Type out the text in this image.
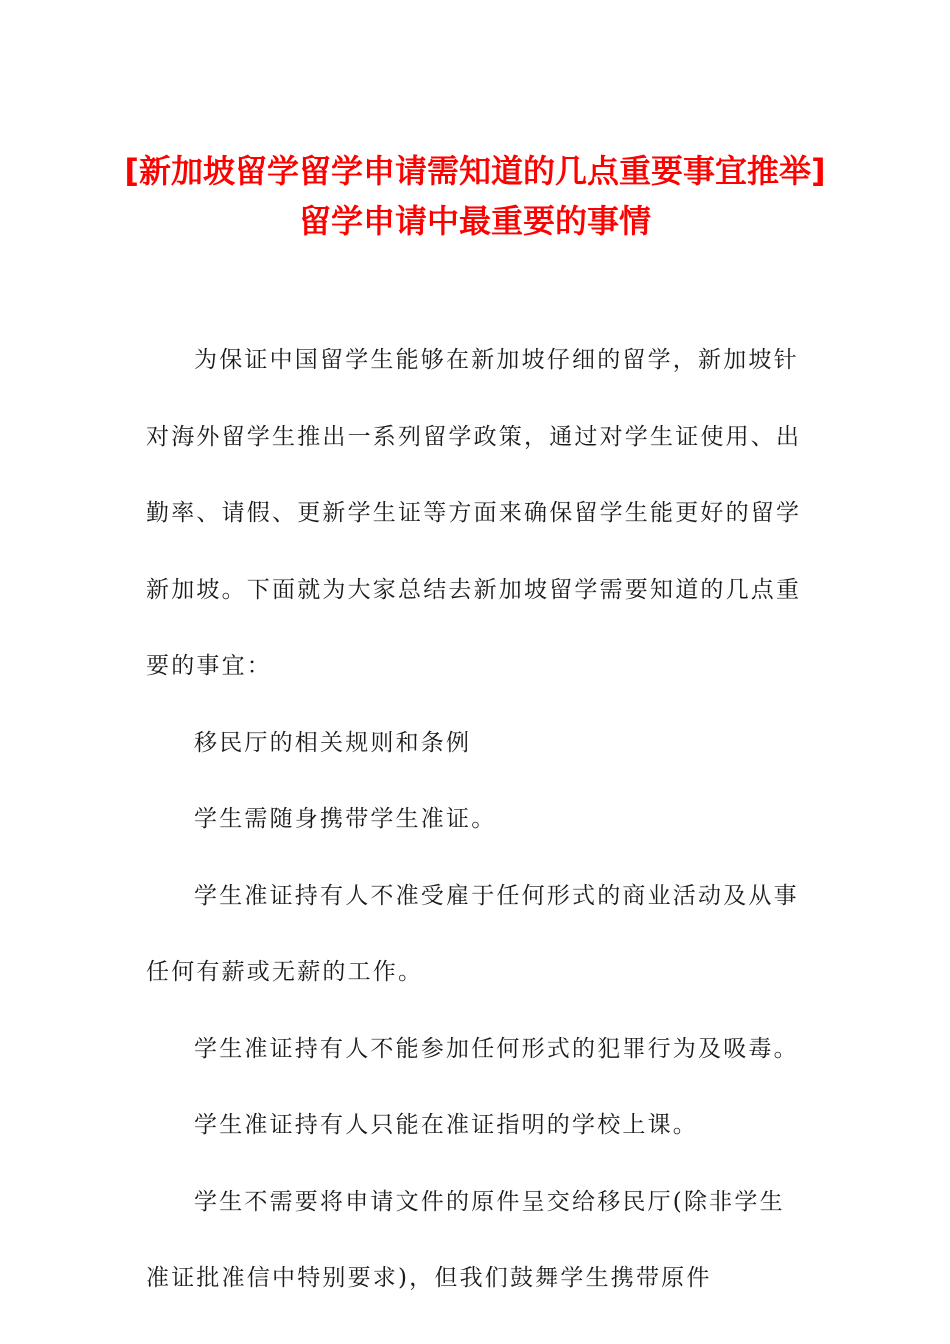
[新加坡留学留学申请需知道的几点重要事宜推举]留学申请中最重要的事情

为保证中国留学生能够在新加坡仔细的留学，新加坡针对海外留学生推出一系列留学政策，通过对学生证使用、出勤率、请假、更新学生证等方面来确保留学生能更好的留学新加坡。下面就为大家总结去新加坡留学需要知道的几点重要的事宜：

移民厅的相关规则和条例

学生需随身携带学生准证。

学生准证持有人不准受雇于任何形式的商业活动及从事任何有薪或无薪的工作。

学生准证持有人不能参加任何形式的犯罪行为及吸毒。

学生准证持有人只能在准证指明的学校上课。

学生不需要将申请文件的原件呈交给移民厅(除非学生准证批准信中特别要求)，但我们鼓舞学生携带原件
